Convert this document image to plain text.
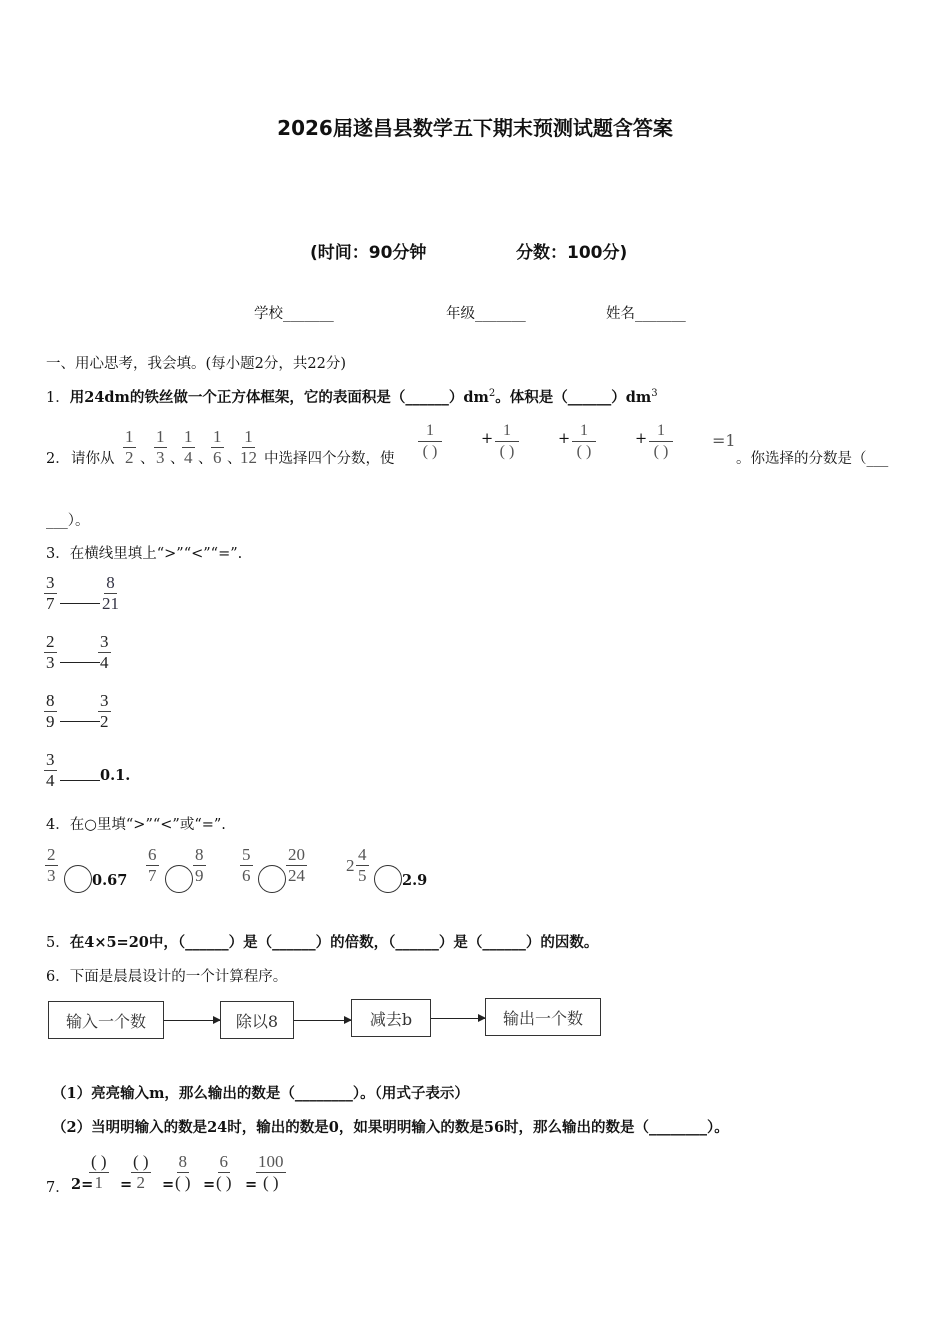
2026届遂昌县数学五下期末预测试题含答案
(时间：90分钟	分数：100分)
学校_______	年级_______	姓名_______
一、用心思考，我会填。(每小题2分，共22分)
1．用24dm的铁丝做一个正方体框架，它的表面积是$(\_\_\_\_\_\_)dm^2$。体积是$(\_\_\_\_\_\_)dm^3$
2． 请你从 $\frac{1}{2}$ 、 $\frac{1}{3}$ 、
$\frac{1}{4}$ 、
$\frac{1}{6}$ 、
$\frac{1}{12}$ 中选择四个分数，使
1
( )
+ 1
( )
+ 1
( )
+ 1
( )
=1
。你选择的分数是（___
___）。
3．在横线里填上“>”“<”“=”.
$\frac{3}{7}$	$\frac{8}{21}$
$\frac{2}{3} \frac{3}{4}$
$\frac{8}{9} \frac{3}{2}$
$\frac{3}{4}$	0.1.
4．在○里填“>”“<”或“=”.
$\frac{2}{3} 0.67 \frac{6}{7} \frac{8}{9} \frac{5}{6} \frac{20}{24} 2 \frac{4}{5} 2.9$
5．在4×5=20中，（______）是（______）的倍数，（______）是（______）的因数。
6．下面是晨晨设计的一个计算程序。
输入一个数	除以8	减去b	输出一个数
（1）亮亮输入m，那么输出的数是（________）。（用式子表示）
（2）当明明输入的数是24时，输出的数是0，如果明明输入的数是56时，那么输出的数是（________）。
7． 2=
( )
1 =
( )
2 =
8
( ) =
6
( ) =
100
( )
